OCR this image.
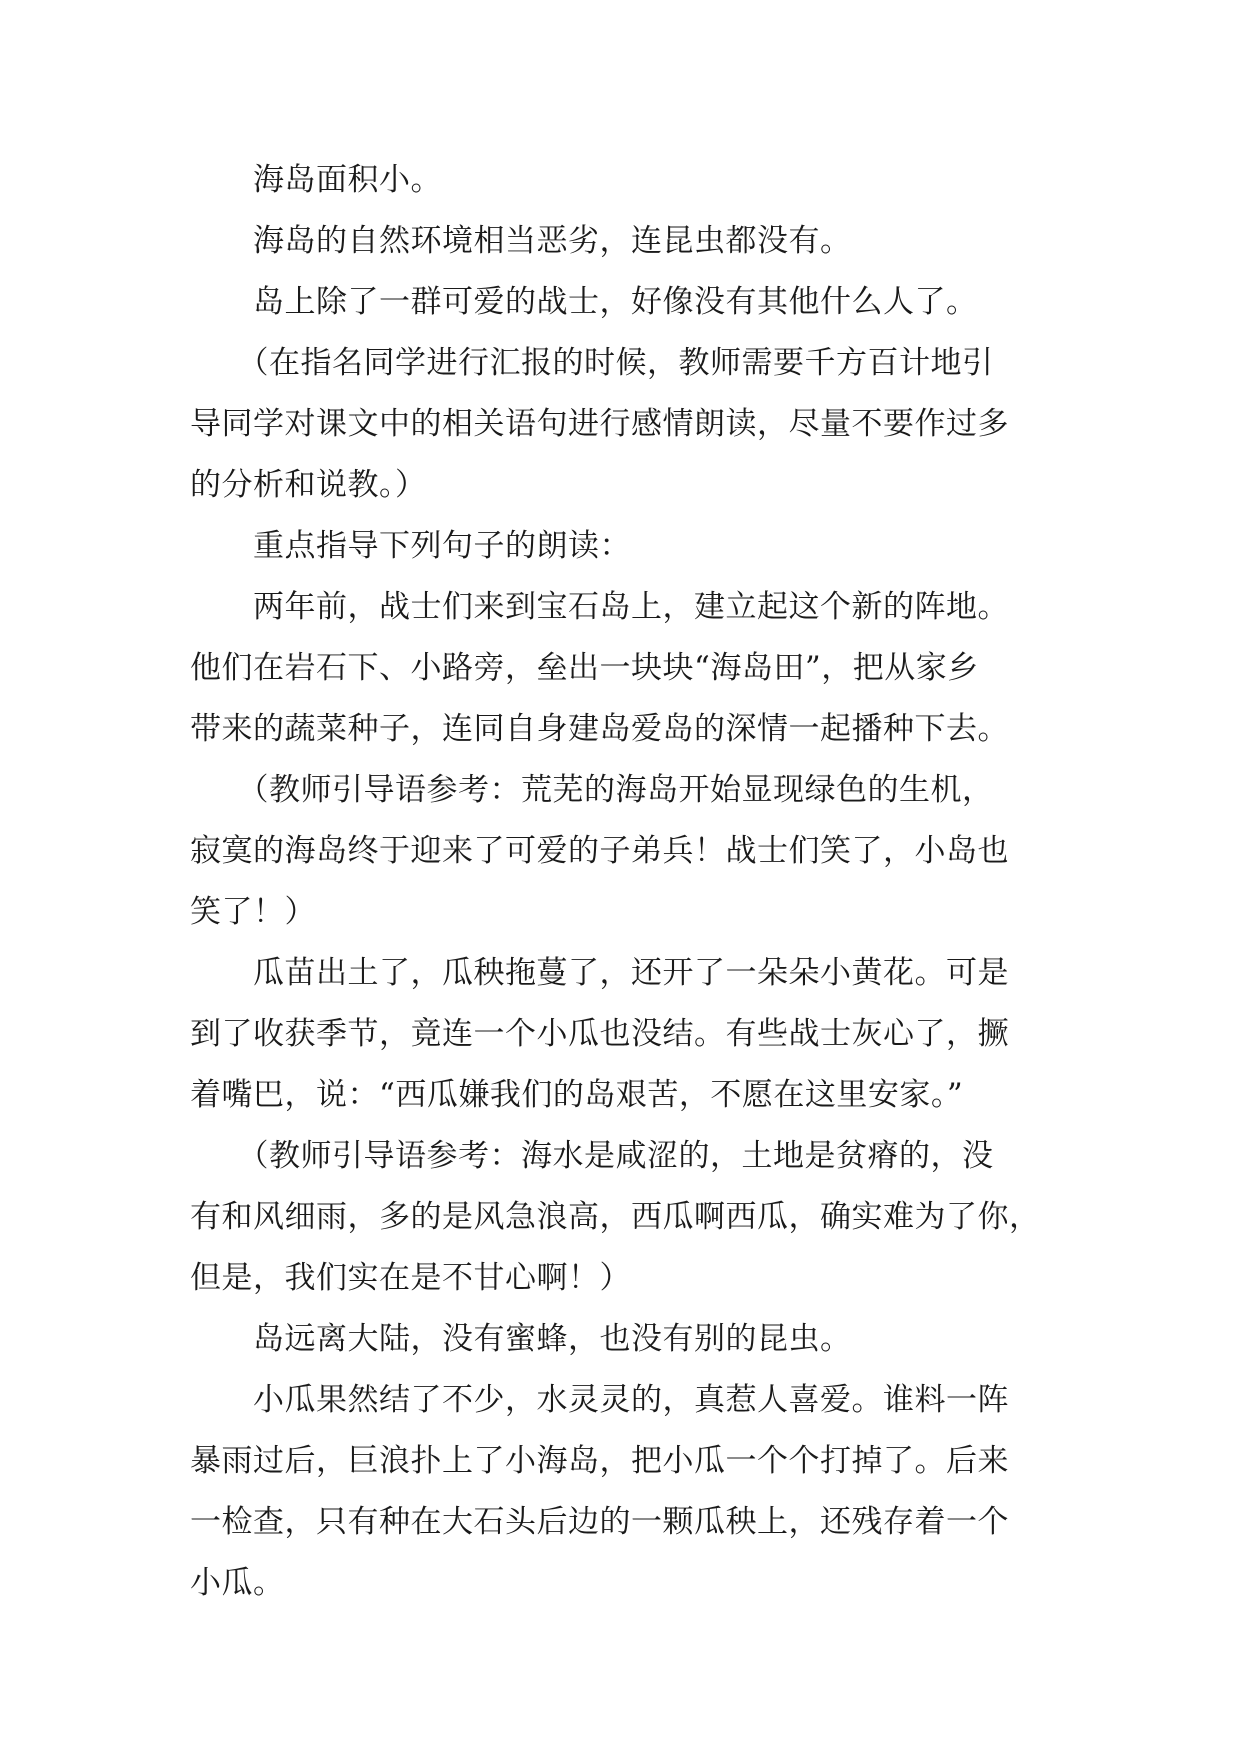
　　海岛面积小。
　　海岛的自然环境相当恶劣，连昆虫都没有。
　　岛上除了一群可爱的战士，好像没有其他什么人了。
　　（在指名同学进行汇报的时候，教师需要千方百计地引
导同学对课文中的相关语句进行感情朗读，尽量不要作过多
的分析和说教。）
　　重点指导下列句子的朗读：
　　两年前，战士们来到宝石岛上，建立起这个新的阵地。
他们在岩石下、小路旁，垒出一块块“海岛田”，把从家乡
带来的蔬菜种子，连同自身建岛爱岛的深情一起播种下去。
　　（教师引导语参考：荒芜的海岛开始显现绿色的生机，
寂寞的海岛终于迎来了可爱的子弟兵！战士们笑了，小岛也
笑了！）
　　瓜苗出土了，瓜秧拖蔓了，还开了一朵朵小黄花。可是
到了收获季节，竟连一个小瓜也没结。有些战士灰心了，撅
着嘴巴，说：“西瓜嫌我们的岛艰苦，不愿在这里安家。”
　　（教师引导语参考：海水是咸涩的，土地是贫瘠的，没
有和风细雨，多的是风急浪高，西瓜啊西瓜，确实难为了你，
但是，我们实在是不甘心啊！）
　　岛远离大陆，没有蜜蜂，也没有别的昆虫。
　　小瓜果然结了不少，水灵灵的，真惹人喜爱。谁料一阵
暴雨过后，巨浪扑上了小海岛，把小瓜一个个打掉了。后来
一检查，只有种在大石头后边的一颗瓜秧上，还残存着一个
小瓜。
